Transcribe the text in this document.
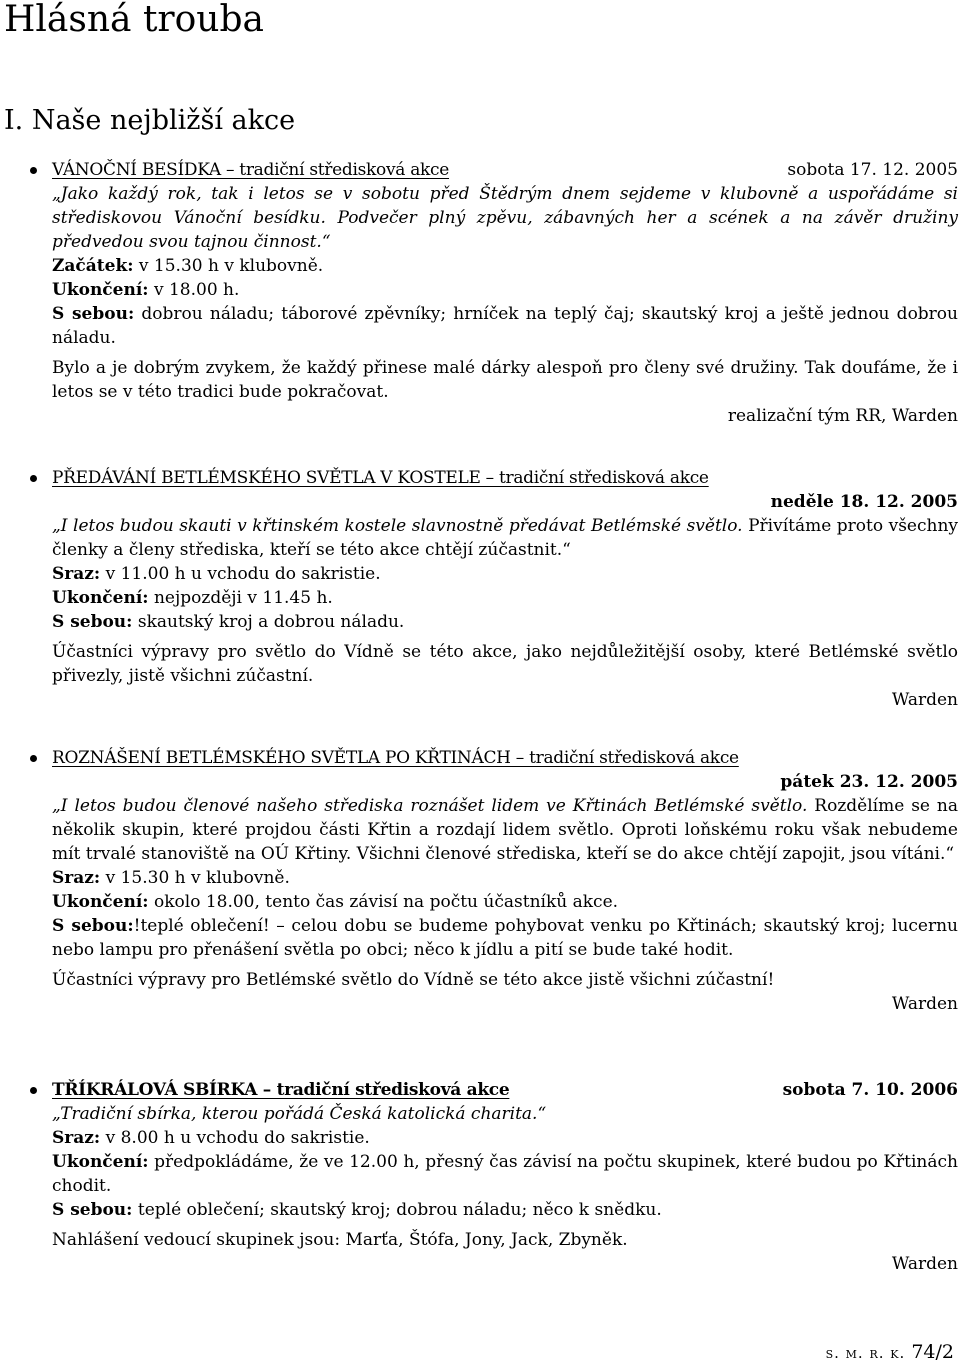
Hlásná trouba
I. Naše nejbližší akce
VÁNOČNÍ BESÍDKA – tradiční středisková akce	sobota 17. 12. 2005

„Jako každý rok, tak i letos se v sobotu před Štědrým dnem sejdeme v klubovně a uspořádáme si střediskovou Vánoční besídku. Podvečer plný zpěvu, zábavných her a scének a na závěr družiny předvedou svou tajnou činnost.“

Začátek: v 15.30 h v klubovně.

Ukončení: v 18.00 h.

S sebou: dobrou náladu; táborové zpěvníky; hrníček na teplý čaj; skautský kroj a ještě jednou dobrou náladu.

Bylo a je dobrým zvykem, že každý přinese malé dárky alespoň pro členy své družiny. Tak doufáme, že i letos se v této tradici bude pokračovat.

realizační tým RR, Warden

PŘEDÁVÁNÍ BETLÉMSKÉHO SVĚTLA V KOSTELE – tradiční středisková akce
neděle 18. 12. 2005

„I letos budou skauti v křtinském kostele slavnostně předávat Betlémské světlo. Přivítáme proto všechny členky a členy střediska, kteří se této akce chtějí zúčastnit.“

Sraz: v 11.00 h u vchodu do sakristie.

Ukončení: nejpozději v 11.45 h.

S sebou: skautský kroj a dobrou náladu.

Účastníci výpravy pro světlo do Vídně se této akce, jako nejdůležitější osoby, které Betlémské světlo přivezly, jistě všichni zúčastní.

Warden

ROZNÁŠENÍ BETLÉMSKÉHO SVĚTLA PO KŘTINÁCH – tradiční středisková akce
pátek 23. 12. 2005

„I letos budou členové našeho střediska roznášet lidem ve Křtinách Betlémské světlo. Rozdělíme se na několik skupin, které projdou části Křtin a rozdají lidem světlo. Oproti loňskému roku však nebudeme mít trvalé stanoviště na OÚ Křtiny. Všichni členové střediska, kteří se do akce chtějí zapojit, jsou vítáni.“

Sraz: v 15.30 h v klubovně.

Ukončení: okolo 18.00, tento čas závisí na počtu účastníků akce.

S sebou:!teplé oblečení! – celou dobu se budeme pohybovat venku po Křtinách; skautský kroj; lucernu nebo lampu pro přenášení světla po obci; něco k jídlu a pití se bude také hodit.

Účastníci výpravy pro Betlémské světlo do Vídně se této akce jistě všichni zúčastní!

Warden

TŘÍKRÁLOVÁ SBÍRKA – tradiční středisková akce	sobota 7. 10. 2006

„Tradiční sbírka, kterou pořádá Česká katolická charita.“

Sraz: v 8.00 h u vchodu do sakristie.

Ukončení: předpokládáme, že ve 12.00 h, přesný čas závisí na počtu skupinek, které budou po Křtinách chodit.

S sebou: teplé oblečení; skautský kroj; dobrou náladu; něco k snědku.

Nahlášení vedoucí skupinek jsou: Marťa, Štófa, Jony, Jack, Zbyněk.

Warden

s. m. r. k. 74/2
